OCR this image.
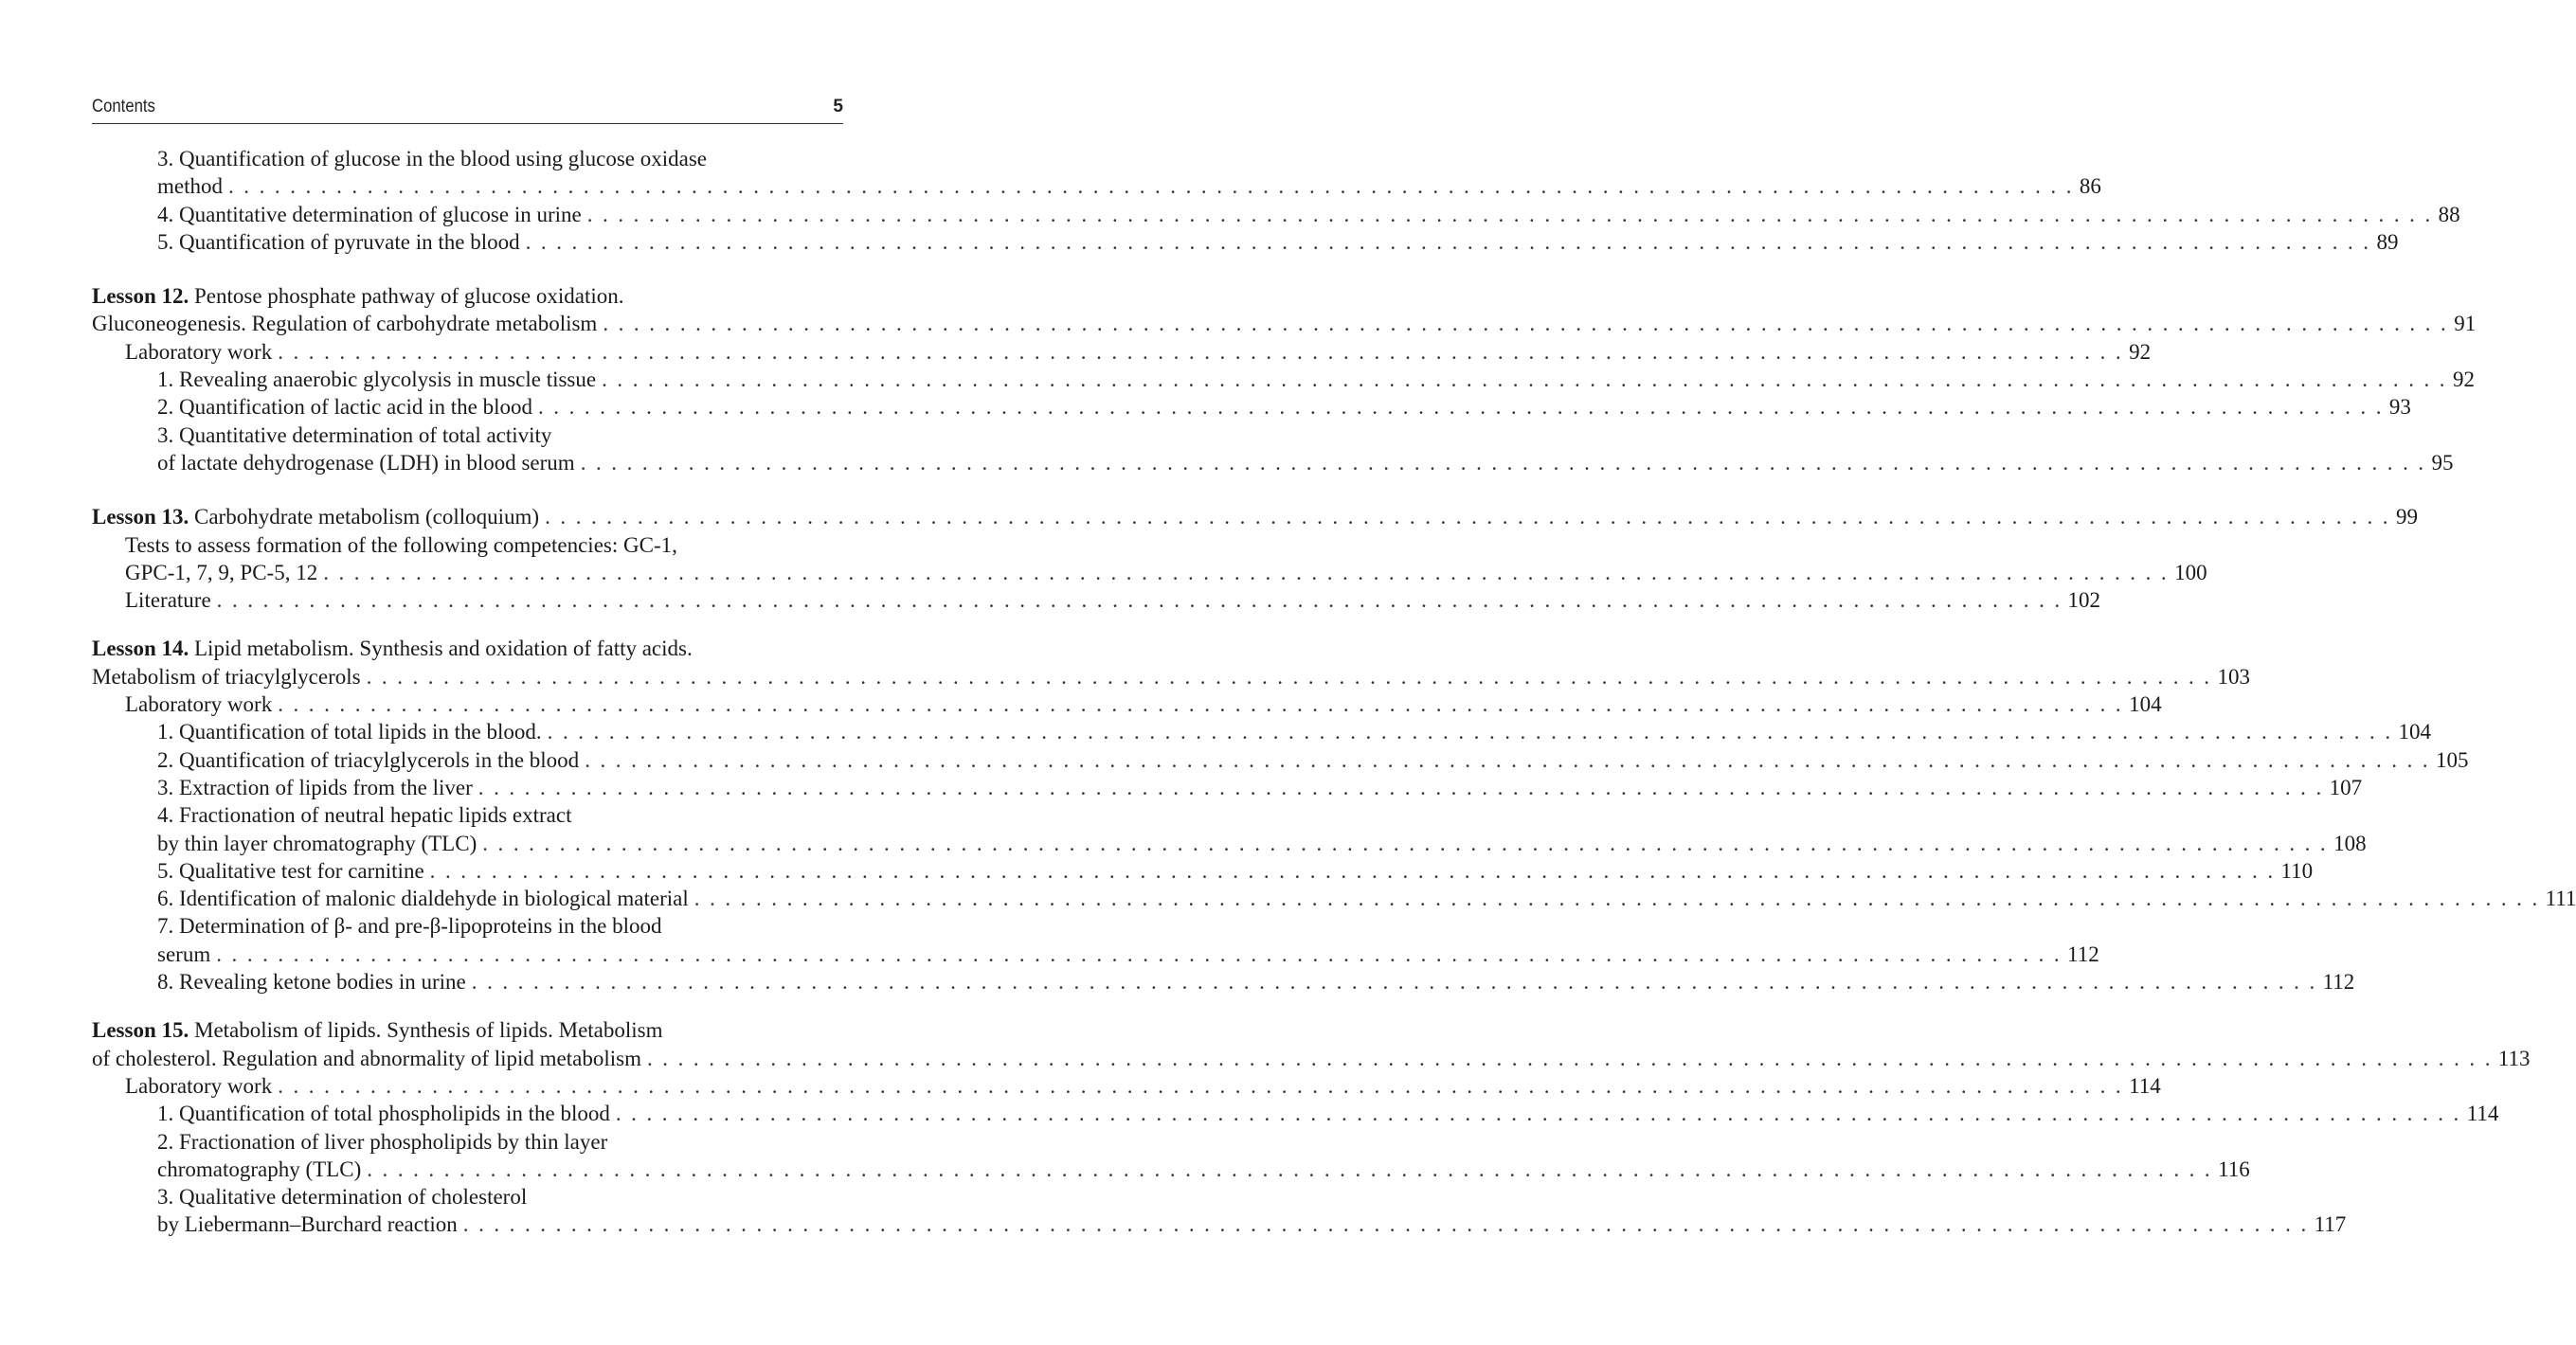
Contents	5
3. Quantification of glucose in the blood using glucose oxidase
method . . . . . . . . . . . . . . . . . . . . . . . . . . . . . . . . . . . . . . . . . . . . . . . . . . . . . . . . . . . . . . . . . . . . . . . . . . . . . . . . . . . . . . . . . . . . . . . . . . . . . . . . . . . . . . . . . . . . . . . . 86
4. Quantitative determination of glucose in urine . . . . . . . . . . . . . . . . . . . . . . . . . . . . . . . . . . . . . . . . . . . . . . . . . . . . . . . . . . . . . . . . . . . . . . . . . . . . . . . . . . . . . . . . . . . . . . . . . . . . . . . . . . . . . . . . . . . . . . . . 88
5. Quantification of pyruvate in the blood . . . . . . . . . . . . . . . . . . . . . . . . . . . . . . . . . . . . . . . . . . . . . . . . . . . . . . . . . . . . . . . . . . . . . . . . . . . . . . . . . . . . . . . . . . . . . . . . . . . . . . . . . . . . . . . . . . . . . . . . 89
Lesson 12. Pentose phosphate pathway of glucose oxidation.
Gluconeogenesis. Regulation of carbohydrate metabolism . . . . . . . . . . . . . . . . . . . . . . . . . . . . . . . . . . . . . . . . . . . . . . . . . . . . . . . . . . . . . . . . . . . . . . . . . . . . . . . . . . . . . . . . . . . . . . . . . . . . . . . . . . . . . . . . . . . . . . . . 91
Laboratory work . . . . . . . . . . . . . . . . . . . . . . . . . . . . . . . . . . . . . . . . . . . . . . . . . . . . . . . . . . . . . . . . . . . . . . . . . . . . . . . . . . . . . . . . . . . . . . . . . . . . . . . . . . . . . . . . . . . . . . . . 92
1. Revealing anaerobic glycolysis in muscle tissue . . . . . . . . . . . . . . . . . . . . . . . . . . . . . . . . . . . . . . . . . . . . . . . . . . . . . . . . . . . . . . . . . . . . . . . . . . . . . . . . . . . . . . . . . . . . . . . . . . . . . . . . . . . . . . . . . . . . . . . . 92
2. Quantification of lactic acid in the blood . . . . . . . . . . . . . . . . . . . . . . . . . . . . . . . . . . . . . . . . . . . . . . . . . . . . . . . . . . . . . . . . . . . . . . . . . . . . . . . . . . . . . . . . . . . . . . . . . . . . . . . . . . . . . . . . . . . . . . . . 93
3. Quantitative determination of total activity
of lactate dehydrogenase (LDH) in blood serum . . . . . . . . . . . . . . . . . . . . . . . . . . . . . . . . . . . . . . . . . . . . . . . . . . . . . . . . . . . . . . . . . . . . . . . . . . . . . . . . . . . . . . . . . . . . . . . . . . . . . . . . . . . . . . . . . . . . . . . . 95
Lesson 13. Carbohydrate metabolism (colloquium) . . . . . . . . . . . . . . . . . . . . . . . . . . . . . . . . . . . . . . . . . . . . . . . . . . . . . . . . . . . . . . . . . . . . . . . . . . . . . . . . . . . . . . . . . . . . . . . . . . . . . . . . . . . . . . . . . . . . . . . . 99
Tests to assess formation of the following competencies: GC-1,
GPC-1, 7, 9, PC-5, 12 . . . . . . . . . . . . . . . . . . . . . . . . . . . . . . . . . . . . . . . . . . . . . . . . . . . . . . . . . . . . . . . . . . . . . . . . . . . . . . . . . . . . . . . . . . . . . . . . . . . . . . . . . . . . . . . . . . . . . . . . 100
Literature . . . . . . . . . . . . . . . . . . . . . . . . . . . . . . . . . . . . . . . . . . . . . . . . . . . . . . . . . . . . . . . . . . . . . . . . . . . . . . . . . . . . . . . . . . . . . . . . . . . . . . . . . . . . . . . . . . . . . . . . 102
Lesson 14. Lipid metabolism. Synthesis and oxidation of fatty acids.
Metabolism of triacylglycerols . . . . . . . . . . . . . . . . . . . . . . . . . . . . . . . . . . . . . . . . . . . . . . . . . . . . . . . . . . . . . . . . . . . . . . . . . . . . . . . . . . . . . . . . . . . . . . . . . . . . . . . . . . . . . . . . . . . . . . . . 103
Laboratory work . . . . . . . . . . . . . . . . . . . . . . . . . . . . . . . . . . . . . . . . . . . . . . . . . . . . . . . . . . . . . . . . . . . . . . . . . . . . . . . . . . . . . . . . . . . . . . . . . . . . . . . . . . . . . . . . . . . . . . . . 104
1. Quantification of total lipids in the blood. . . . . . . . . . . . . . . . . . . . . . . . . . . . . . . . . . . . . . . . . . . . . . . . . . . . . . . . . . . . . . . . . . . . . . . . . . . . . . . . . . . . . . . . . . . . . . . . . . . . . . . . . . . . . . . . . . . . . . . . . 104
2. Quantification of triacylglycerols in the blood . . . . . . . . . . . . . . . . . . . . . . . . . . . . . . . . . . . . . . . . . . . . . . . . . . . . . . . . . . . . . . . . . . . . . . . . . . . . . . . . . . . . . . . . . . . . . . . . . . . . . . . . . . . . . . . . . . . . . . . . 105
3. Extraction of lipids from the liver . . . . . . . . . . . . . . . . . . . . . . . . . . . . . . . . . . . . . . . . . . . . . . . . . . . . . . . . . . . . . . . . . . . . . . . . . . . . . . . . . . . . . . . . . . . . . . . . . . . . . . . . . . . . . . . . . . . . . . . . 107
4. Fractionation of neutral hepatic lipids extract
by thin layer chromatography (TLC) . . . . . . . . . . . . . . . . . . . . . . . . . . . . . . . . . . . . . . . . . . . . . . . . . . . . . . . . . . . . . . . . . . . . . . . . . . . . . . . . . . . . . . . . . . . . . . . . . . . . . . . . . . . . . . . . . . . . . . . . 108
5. Qualitative test for carnitine . . . . . . . . . . . . . . . . . . . . . . . . . . . . . . . . . . . . . . . . . . . . . . . . . . . . . . . . . . . . . . . . . . . . . . . . . . . . . . . . . . . . . . . . . . . . . . . . . . . . . . . . . . . . . . . . . . . . . . . . 110
6. Identification of malonic dialdehyde in biological material . . . . . . . . . . . . . . . . . . . . . . . . . . . . . . . . . . . . . . . . . . . . . . . . . . . . . . . . . . . . . . . . . . . . . . . . . . . . . . . . . . . . . . . . . . . . . . . . . . . . . . . . . . . . . . . . . . . . . . . . 111
7. Determination of β- and pre-β-lipoproteins in the blood
serum . . . . . . . . . . . . . . . . . . . . . . . . . . . . . . . . . . . . . . . . . . . . . . . . . . . . . . . . . . . . . . . . . . . . . . . . . . . . . . . . . . . . . . . . . . . . . . . . . . . . . . . . . . . . . . . . . . . . . . . . 112
8. Revealing ketone bodies in urine . . . . . . . . . . . . . . . . . . . . . . . . . . . . . . . . . . . . . . . . . . . . . . . . . . . . . . . . . . . . . . . . . . . . . . . . . . . . . . . . . . . . . . . . . . . . . . . . . . . . . . . . . . . . . . . . . . . . . . . . 112
Lesson 15. Metabolism of lipids. Synthesis of lipids. Metabolism
of cholesterol. Regulation and abnormality of lipid metabolism . . . . . . . . . . . . . . . . . . . . . . . . . . . . . . . . . . . . . . . . . . . . . . . . . . . . . . . . . . . . . . . . . . . . . . . . . . . . . . . . . . . . . . . . . . . . . . . . . . . . . . . . . . . . . . . . . . . . . . . . 113
Laboratory work . . . . . . . . . . . . . . . . . . . . . . . . . . . . . . . . . . . . . . . . . . . . . . . . . . . . . . . . . . . . . . . . . . . . . . . . . . . . . . . . . . . . . . . . . . . . . . . . . . . . . . . . . . . . . . . . . . . . . . . . 114
1. Quantification of total phospholipids in the blood . . . . . . . . . . . . . . . . . . . . . . . . . . . . . . . . . . . . . . . . . . . . . . . . . . . . . . . . . . . . . . . . . . . . . . . . . . . . . . . . . . . . . . . . . . . . . . . . . . . . . . . . . . . . . . . . . . . . . . . . 114
2. Fractionation of liver phospholipids by thin layer
chromatography (TLC) . . . . . . . . . . . . . . . . . . . . . . . . . . . . . . . . . . . . . . . . . . . . . . . . . . . . . . . . . . . . . . . . . . . . . . . . . . . . . . . . . . . . . . . . . . . . . . . . . . . . . . . . . . . . . . . . . . . . . . . . 116
3. Qualitative determination of cholesterol
by Liebermann–Burchard reaction . . . . . . . . . . . . . . . . . . . . . . . . . . . . . . . . . . . . . . . . . . . . . . . . . . . . . . . . . . . . . . . . . . . . . . . . . . . . . . . . . . . . . . . . . . . . . . . . . . . . . . . . . . . . . . . . . . . . . . . . 117
